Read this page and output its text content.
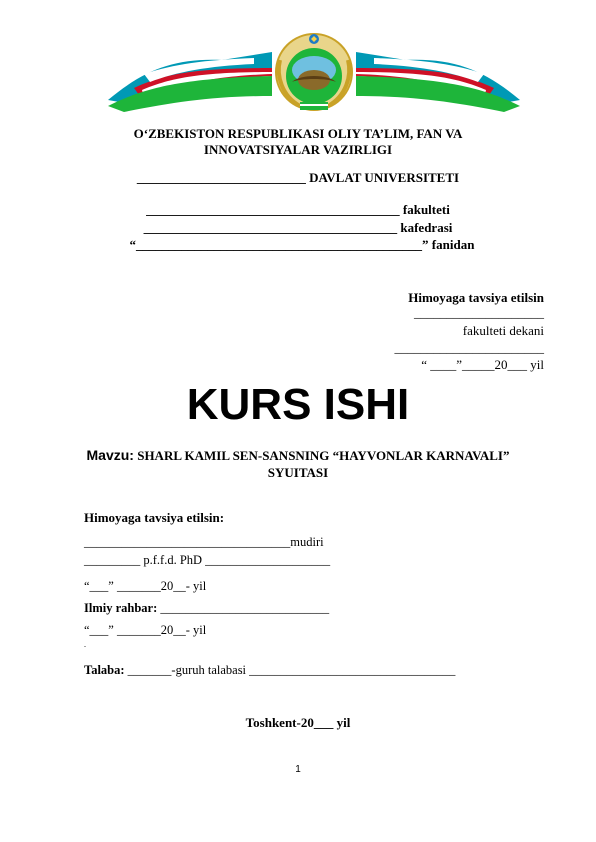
O‘ZBEKISTON RESPUBLIKASI OLIY TA’LIM, FAN VA
INNOVATSIYALAR VAZIRLIGI
__________________________ DAVLAT UNIVERSITETI
_______________________________________ fakulteti
_______________________________________ kafedrasi
“____________________________________________” fanidan
Himoyaga tavsiya etilsin
____________________
fakulteti dekani
_______________________
“ ____”_____20___ yil
KURS ISHI
Mavzu: SHARL KAMIL SEN-SANSNING “HAYVONLAR KARNAVALI”
SYUITASI
Himoyaga tavsiya etilsin:
_________________________________mudiri
_________ p.f.f.d. PhD ____________________
“___” _______20__- yil
Ilmiy rahbar: ___________________________
“___” _______20__- yil
.
Talaba: _______-guruh talabasi _________________________________
Toshkent-20___ yil
1
